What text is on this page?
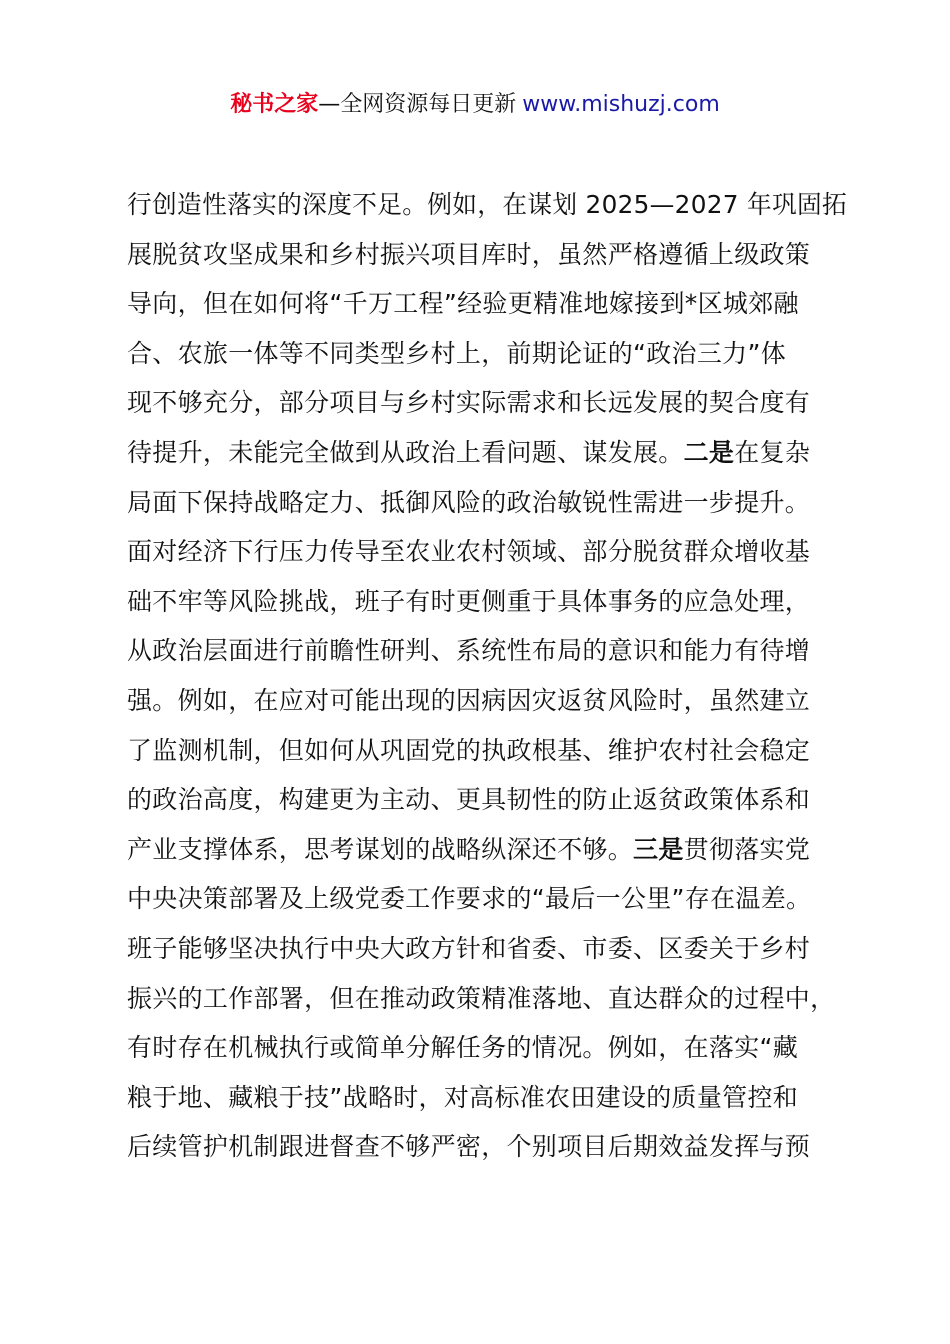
秘书之家—全网资源每日更新 www.mishuzj.com
行创造性落实的深度不足。例如，在谋划 2025—2027 年巩固拓
展脱贫攻坚成果和乡村振兴项目库时，虽然严格遵循上级政策
导向，但在如何将“千万工程”经验更精准地嫁接到*区城郊融
合、农旅一体等不同类型乡村上，前期论证的“政治三力”体
现不够充分，部分项目与乡村实际需求和长远发展的契合度有
待提升，未能完全做到从政治上看问题、谋发展。二是在复杂
局面下保持战略定力、抵御风险的政治敏锐性需进一步提升。
面对经济下行压力传导至农业农村领域、部分脱贫群众增收基
础不牢等风险挑战，班子有时更侧重于具体事务的应急处理，
从政治层面进行前瞻性研判、系统性布局的意识和能力有待增
强。例如，在应对可能出现的因病因灾返贫风险时，虽然建立
了监测机制，但如何从巩固党的执政根基、维护农村社会稳定
的政治高度，构建更为主动、更具韧性的防止返贫政策体系和
产业支撑体系，思考谋划的战略纵深还不够。三是贯彻落实党
中央决策部署及上级党委工作要求的“最后一公里”存在温差。
班子能够坚决执行中央大政方针和省委、市委、区委关于乡村
振兴的工作部署，但在推动政策精准落地、直达群众的过程中，
有时存在机械执行或简单分解任务的情况。例如，在落实“藏
粮于地、藏粮于技”战略时，对高标准农田建设的质量管控和
后续管护机制跟进督查不够严密，个别项目后期效益发挥与预
